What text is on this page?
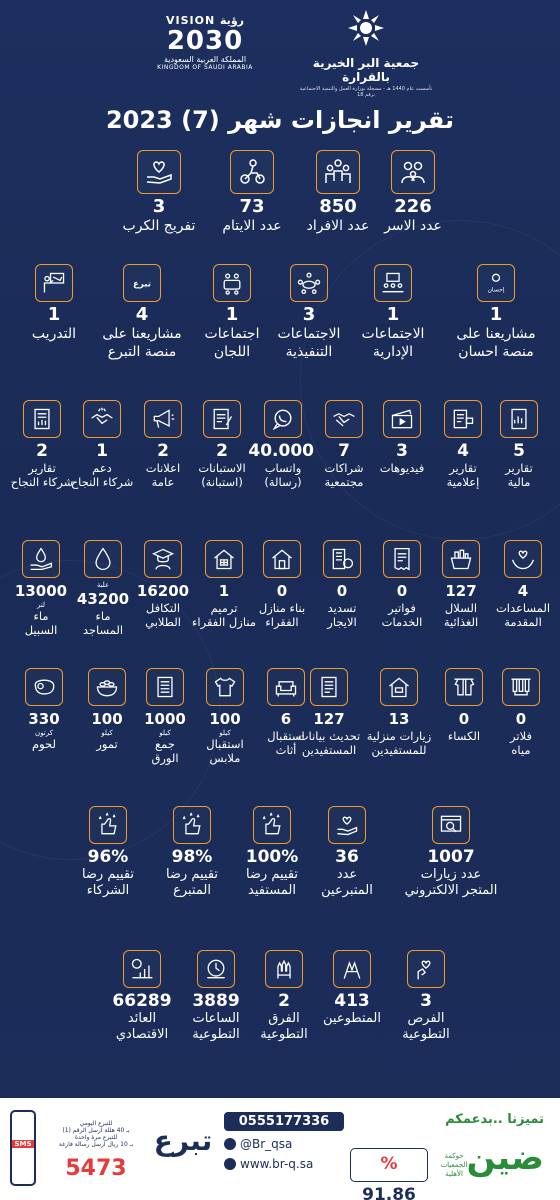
VISION رؤية
2030
المملكة العربية السعودية
KINGDOM OF SAUDI ARABIA	جمعية البر الخيرية بالقرارة
تأسست عام 1440 هـ - مسجلة بوزارة العمل والتنمية الاجتماعية برقم 18
تقرير انجازات شهر (7) 2023
226
عدد الاسر
850
عدد الافراد
73
عدد الايتام
3
تفريج الكرب
إحسان
1
مشاريعنا على
منصة احسان
1
الاجتماعات
الإدارية
3
الاجتماعات
التنفيذية
1
اجتماعات
اللجان
تبرع
4
مشاريعنا على
منصة التبرع
1
التدريب
5
تقارير
مالية
4
تقارير
إعلامية
3
فيديوهات
7
شراكات
مجتمعية
40.000
واتساب
(رسالة)
2
الاستبانات
(استبانة)
2
اعلانات
عامة
1
دعم
شركاء النجاح
2
تقارير
شركاء النجاح
4
المساعدات
المقدمة
127
السلال
الغذائية
0
فواتير
الخدمات
0
تسديد
الايجار
0
بناء منازل
الفقراء
1
ترميم
منازل الفقراء
16200
التكافل
الطلابي
علبة
43200
ماء
المساجد
13000
لتر
ماء
السبيل
0
فلاتر
مياه
0
الكساء
13
زيارات منزلية
للمستفيدين
127
تحديث بيانات
المستفيدين
6
استقبال
أثاث
100
كيلو
استقبال
ملابس
1000
كيلو
جمع
الورق
100
كيلو
تمور
330
كرتون
لحوم
1007
عدد زيارات
المتجر الالكتروني
36
عدد
المتبرعين
100%
تقييم رضا
المستفيد
98%
تقييم رضا
المتبرع
96%
تقييم رضا
الشركاء
3
الفرص
التطوعية
413
المتطوعين
2
الفرق
التطوعية
3889
الساعات
التطوعية
66289
العائد
الاقتصادي
SMS
للتبرع اليومي
بـ 40 هللة ارسل الرقم (1)
للتبرع مرة واحدة
بـ 10 ريال ارسل رسالة فارغة
5473
تبرع
0555177336
@Br_qsa
www.br-q.sa
تميزنا ..بدعمكم
% 91.86
حوكمة الجمعيات الأهلية ضين
